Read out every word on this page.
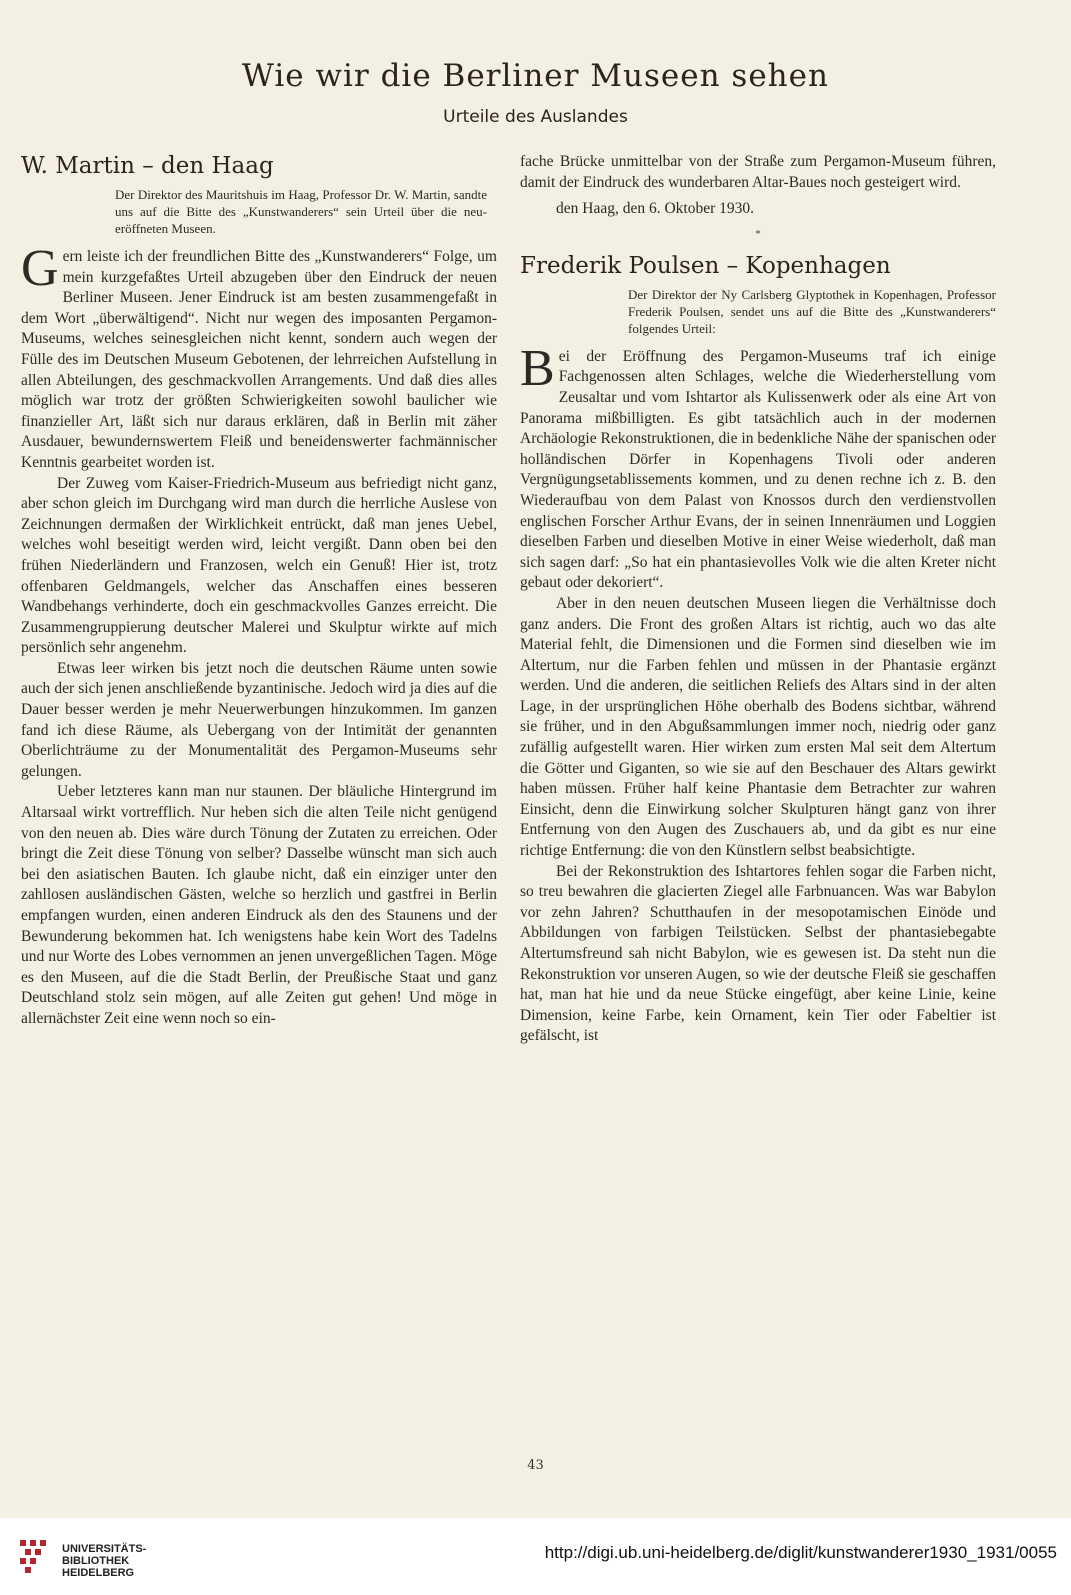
Wie wir die Berliner Museen sehen
Urteile des Auslandes
W. Martin – den Haag

Der Direktor des Mauritshuis im Haag, Professor Dr. W. Martin, sandte uns auf die Bitte des „Kunstwanderers“ sein Urteil über die neu-eröffneten Museen.

Gern leiste ich der freundlichen Bitte des „Kunstwanderers“ Folge, um mein kurzgefaßtes Urteil abzugeben über den Eindruck der neuen Berliner Museen. Jener Eindruck ist am besten zusammengefaßt in dem Wort „überwältigend“. Nicht nur wegen des imposanten Pergamon-Museums, welches seinesgleichen nicht kennt, sondern auch wegen der Fülle des im Deutschen Museum Gebotenen, der lehrreichen Aufstellung in allen Abteilungen, des geschmackvollen Arrangements. Und daß dies alles möglich war trotz der größten Schwierigkeiten sowohl baulicher wie finanzieller Art, läßt sich nur daraus erklären, daß in Berlin mit zäher Ausdauer, bewundernswertem Fleiß und beneidenswerter fachmännischer Kenntnis gearbeitet worden ist.

Der Zuweg vom Kaiser-Friedrich-Museum aus befriedigt nicht ganz, aber schon gleich im Durchgang wird man durch die herrliche Auslese von Zeichnungen dermaßen der Wirklichkeit entrückt, daß man jenes Uebel, welches wohl beseitigt werden wird, leicht vergißt. Dann oben bei den frühen Niederländern und Franzosen, welch ein Genuß! Hier ist, trotz offenbaren Geldmangels, welcher das Anschaffen eines besseren Wandbehangs verhinderte, doch ein geschmackvolles Ganzes erreicht. Die Zusammengruppierung deutscher Malerei und Skulptur wirkte auf mich persönlich sehr angenehm.

Etwas leer wirken bis jetzt noch die deutschen Räume unten sowie auch der sich jenen anschließende byzantinische. Jedoch wird ja dies auf die Dauer besser werden je mehr Neuerwerbungen hinzukommen. Im ganzen fand ich diese Räume, als Uebergang von der Intimität der genannten Oberlichträume zu der Monumentalität des Pergamon-Museums sehr gelungen.

Ueber letzteres kann man nur staunen. Der bläuliche Hintergrund im Altarsaal wirkt vortrefflich. Nur heben sich die alten Teile nicht genügend von den neuen ab. Dies wäre durch Tönung der Zutaten zu erreichen. Oder bringt die Zeit diese Tönung von selber? Dasselbe wünscht man sich auch bei den asiatischen Bauten. Ich glaube nicht, daß ein einziger unter den zahllosen ausländischen Gästen, welche so herzlich und gastfrei in Berlin empfangen wurden, einen anderen Eindruck als den des Staunens und der Bewunderung bekommen hat. Ich wenigstens habe kein Wort des Tadelns und nur Worte des Lobes vernommen an jenen unvergeßlichen Tagen. Möge es den Museen, auf die die Stadt Berlin, der Preußische Staat und ganz Deutschland stolz sein mögen, auf alle Zeiten gut gehen! Und möge in allernächster Zeit eine wenn noch so ein-

fache Brücke unmittelbar von der Straße zum Pergamon-Museum führen, damit der Eindruck des wunderbaren Altar-Baues noch gesteigert wird.

den Haag, den 6. Oktober 1930.

*
Frederik Poulsen – Kopenhagen

Der Direktor der Ny Carlsberg Glyptothek in Kopenhagen, Professor Frederik Poulsen, sendet uns auf die Bitte des „Kunstwanderers“ folgendes Urteil:

Bei der Eröffnung des Pergamon-Museums traf ich einige Fachgenossen alten Schlages, welche die Wiederherstellung vom Zeusaltar und vom Ishtartor als Kulissenwerk oder als eine Art von Panorama mißbilligten. Es gibt tatsächlich auch in der modernen Archäologie Rekonstruktionen, die in bedenkliche Nähe der spanischen oder holländischen Dörfer in Kopenhagens Tivoli oder anderen Vergnügungsetablissements kommen, und zu denen rechne ich z. B. den Wiederaufbau von dem Palast von Knossos durch den verdienstvollen englischen Forscher Arthur Evans, der in seinen Innenräumen und Loggien dieselben Farben und dieselben Motive in einer Weise wiederholt, daß man sich sagen darf: „So hat ein phantasievolles Volk wie die alten Kreter nicht gebaut oder dekoriert“.

Aber in den neuen deutschen Museen liegen die Verhältnisse doch ganz anders. Die Front des großen Altars ist richtig, auch wo das alte Material fehlt, die Dimensionen und die Formen sind dieselben wie im Altertum, nur die Farben fehlen und müssen in der Phantasie ergänzt werden. Und die anderen, die seitlichen Reliefs des Altars sind in der alten Lage, in der ursprünglichen Höhe oberhalb des Bodens sichtbar, während sie früher, und in den Abgußsammlungen immer noch, niedrig oder ganz zufällig aufgestellt waren. Hier wirken zum ersten Mal seit dem Altertum die Götter und Giganten, so wie sie auf den Beschauer des Altars gewirkt haben müssen. Früher half keine Phantasie dem Betrachter zur wahren Einsicht, denn die Einwirkung solcher Skulpturen hängt ganz von ihrer Entfernung von den Augen des Zuschauers ab, und da gibt es nur eine richtige Entfernung: die von den Künstlern selbst beabsichtigte.

Bei der Rekonstruktion des Ishtartores fehlen sogar die Farben nicht, so treu bewahren die glacierten Ziegel alle Farbnuancen. Was war Babylon vor zehn Jahren? Schutthaufen in der mesopotamischen Einöde und Abbildungen von farbigen Teilstücken. Selbst der phantasiebegabte Altertumsfreund sah nicht Babylon, wie es gewesen ist. Da steht nun die Rekonstruktion vor unseren Augen, so wie der deutsche Fleiß sie geschaffen hat, man hat hie und da neue Stücke eingefügt, aber keine Linie, keine Dimension, keine Farbe, kein Ornament, kein Tier oder Fabeltier ist gefälscht, ist

43
UNIVERSITÄTS-
BIBLIOTHEK
HEIDELBERG
http://digi.ub.uni-heidelberg.de/diglit/kunstwanderer1930_1931/0055
